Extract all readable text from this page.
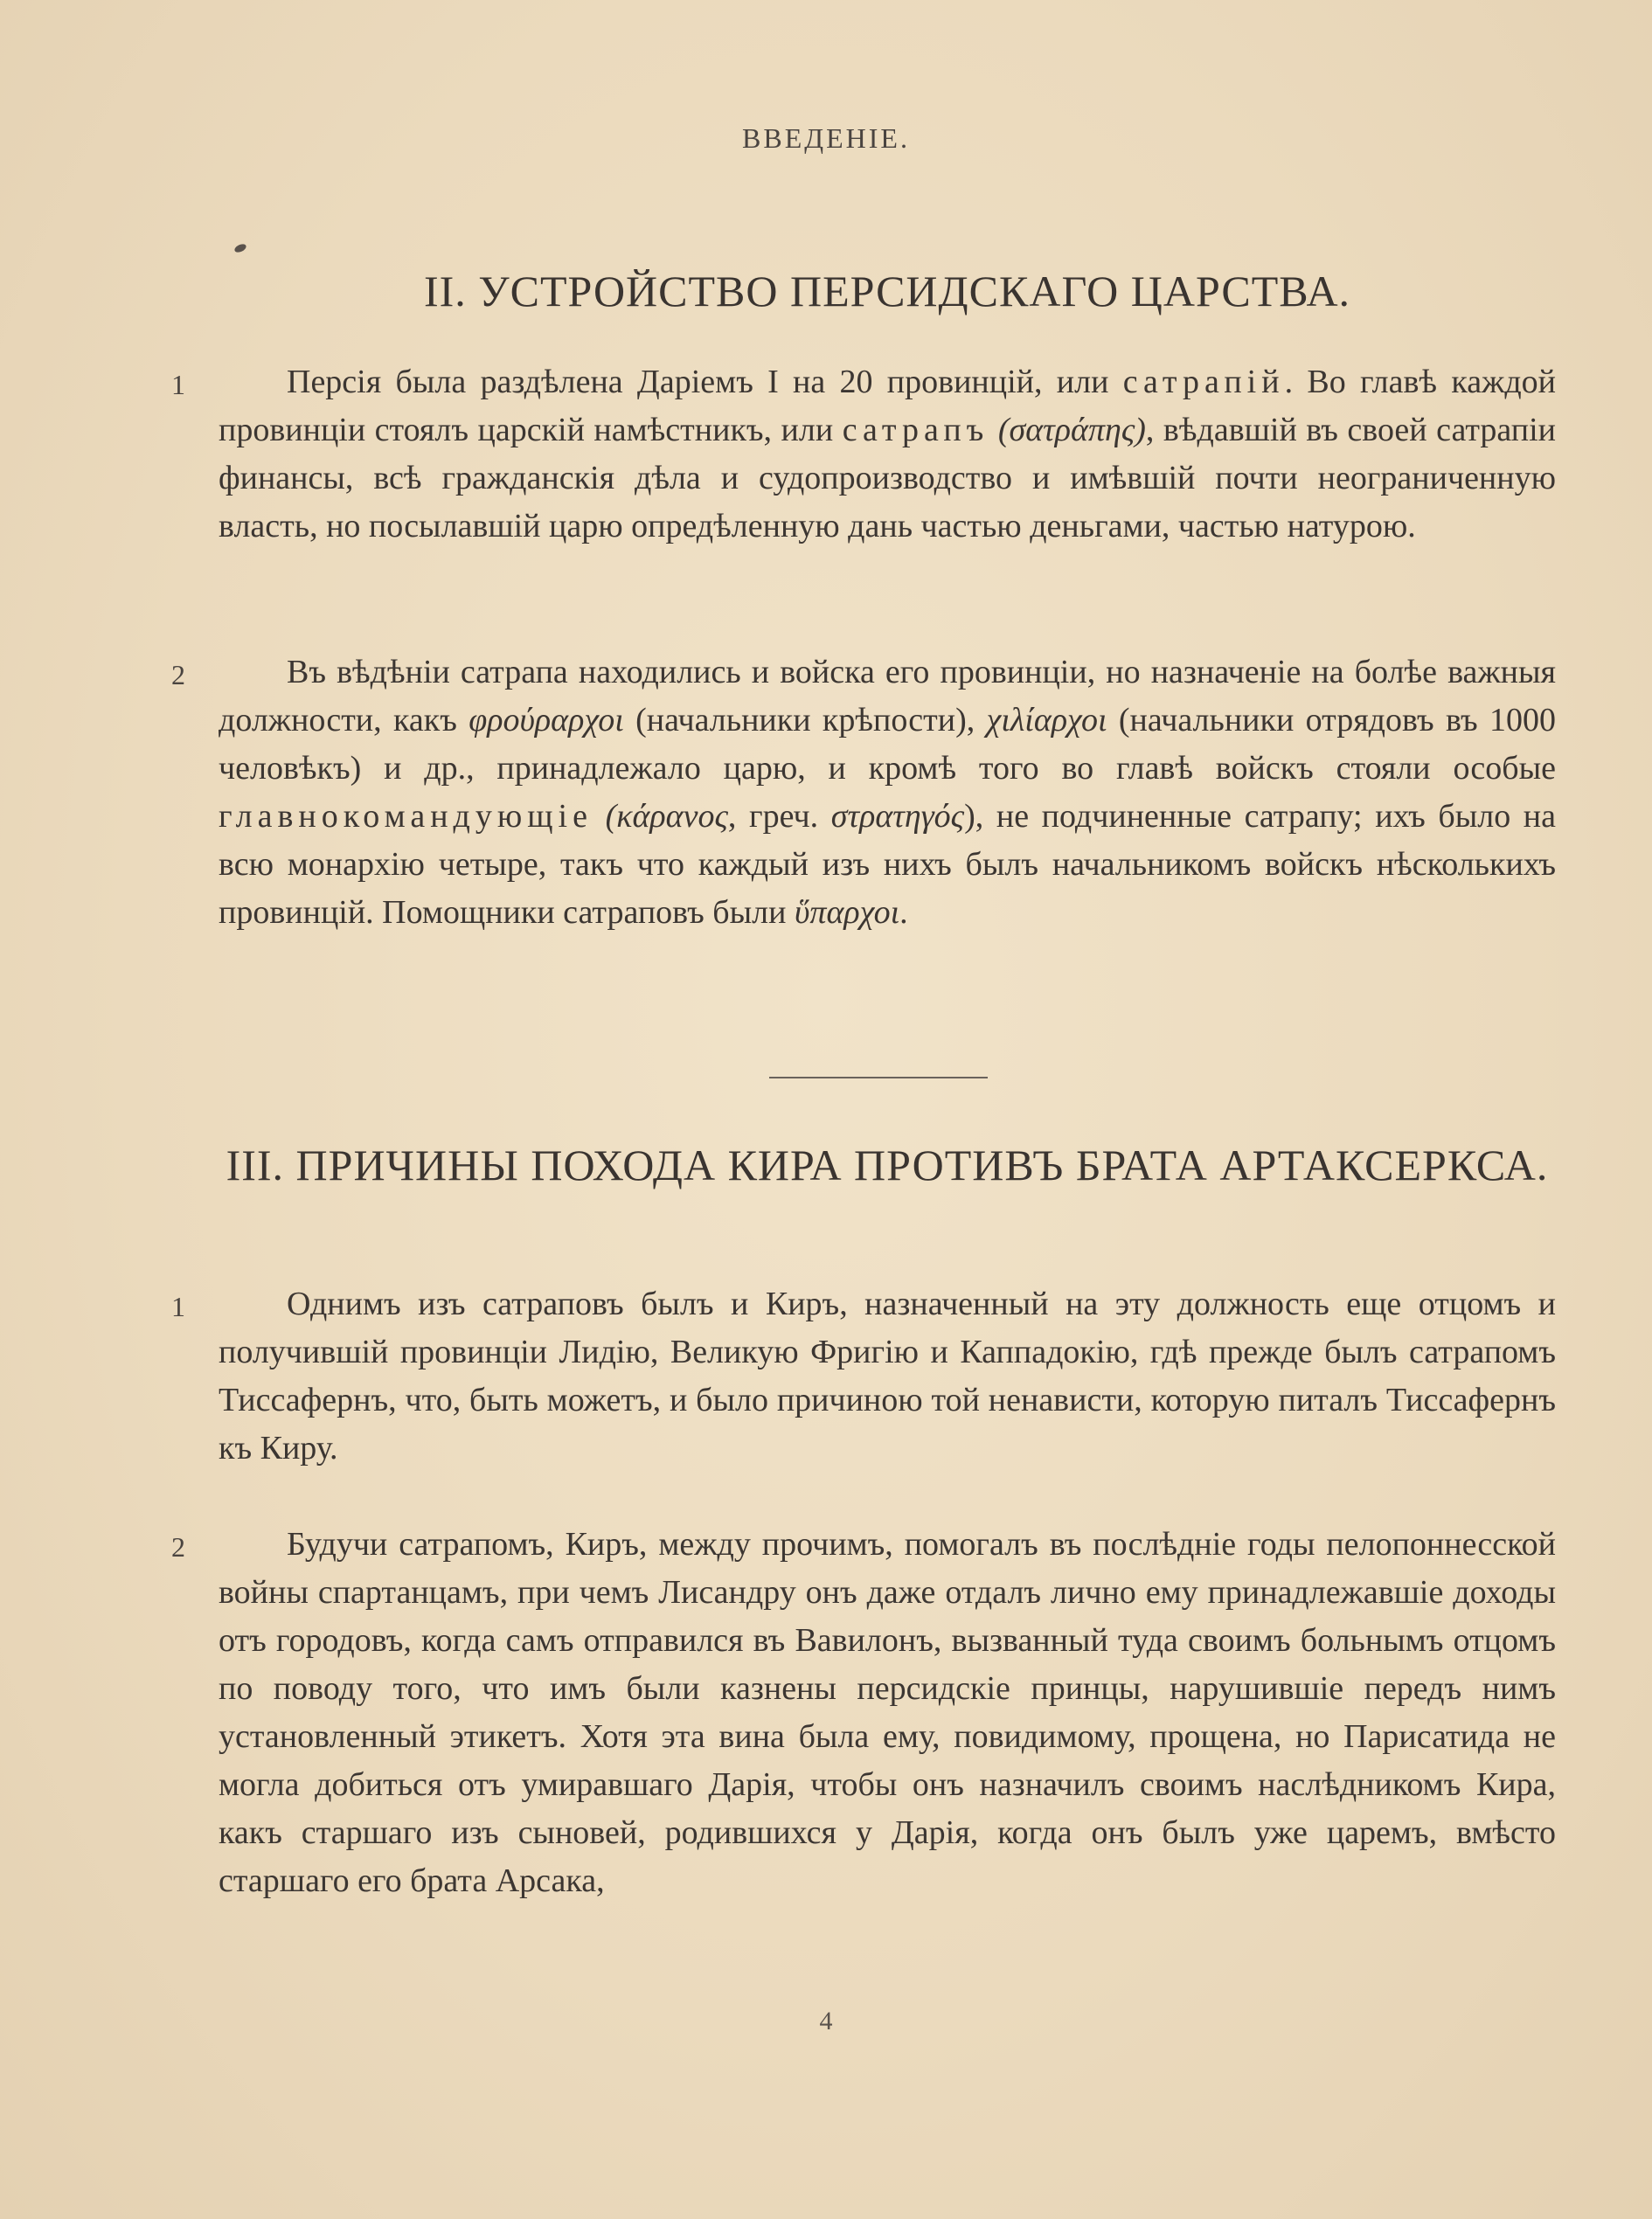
ВВЕДЕНІЕ.
II. УСТРОЙСТВО ПЕРСИДСКАГО ЦАРСТВА.
1	Персія была раздѣлена Даріемъ I на 20 провинцій, или сатрапій. Во главѣ каждой провинціи стоялъ царскій намѣстникъ, или сатрапъ (σατράπης), вѣдавшій въ своей сатрапіи финансы, всѣ гражданскія дѣла и судопроизводство и имѣвшій почти неограниченную власть, но посылавшій царю опредѣленную дань частью деньгами, частью натурою.

2	Въ вѣдѣніи сатрапа находились и войска его провинціи, но назначеніе на болѣе важныя должности, какъ φρούραρχοι (начальники крѣпости), χιλίαρχοι (начальники отрядовъ въ 1000 человѣкъ) и др., принадлежало царю, и кромѣ того во главѣ войскъ стояли особые главнокомандующіе (κάρανος, греч. στρατηγός), не подчиненные сатрапу; ихъ было на всю монархію четыре, такъ что каждый изъ нихъ былъ начальникомъ войскъ нѣсколькихъ провинцій. Помощники сатраповъ были ὕπαρχοι.

III. ПРИЧИНЫ ПОХОДА КИРА ПРОТИВЪ БРАТА АРТАКСЕРКСА.
1	Однимъ изъ сатраповъ былъ и Киръ, назначенный на эту должность еще отцомъ и получившій провинціи Лидію, Великую Фригію и Каппадокію, гдѣ прежде былъ сатрапомъ Тиссафернъ, что, быть можетъ, и было причиною той ненависти, которую питалъ Тиссафернъ къ Киру.

2	Будучи сатрапомъ, Киръ, между прочимъ, помогалъ въ послѣдніе годы пелопоннесской войны спартанцамъ, при чемъ Лисандру онъ даже отдалъ лично ему принадлежавшіе доходы отъ городовъ, когда самъ отправился въ Вавилонъ, вызванный туда своимъ больнымъ отцомъ по поводу того, что имъ были казнены персидскіе принцы, нарушившіе передъ нимъ установленный этикетъ. Хотя эта вина была ему, повидимому, прощена, но Парисатида не могла добиться отъ умиравшаго Дарія, чтобы онъ назначилъ своимъ наслѣдникомъ Кира, какъ старшаго изъ сыновей, родившихся у Дарія, когда онъ былъ уже царемъ, вмѣсто старшаго его брата Арсака,

4
